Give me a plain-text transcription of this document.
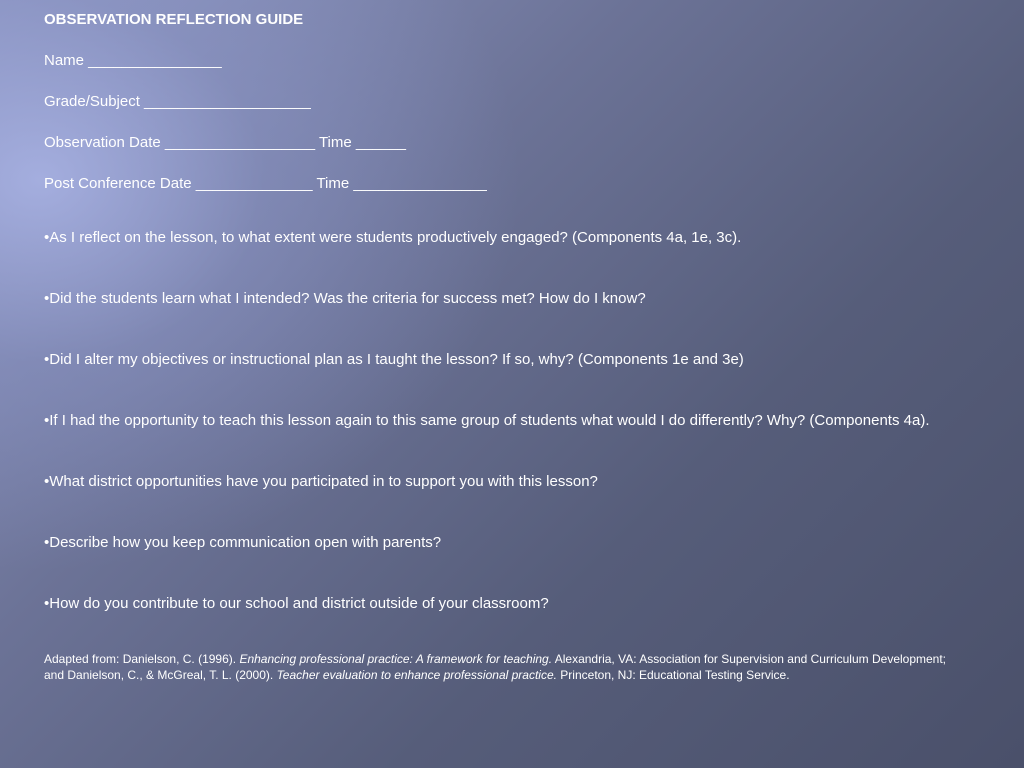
OBSERVATION REFLECTION GUIDE
Name ________________
Grade/Subject ____________________
Observation Date __________________ Time ______
Post Conference Date ______________ Time ________________
•As I reflect on the lesson, to what extent were students productively engaged? (Components 4a, 1e, 3c).
•Did the students learn what I intended? Was the criteria for success met? How do I know?
•Did I alter my objectives or instructional plan as I taught the lesson? If so, why? (Components 1e and 3e)
•If I had the opportunity to teach this lesson again to this same group of students what would I do differently? Why? (Components 4a).
•What district opportunities have you participated in to support you with this lesson?
•Describe how you keep communication open with parents?
•How do you contribute to our school and district outside of your classroom?
Adapted from: Danielson, C. (1996). Enhancing professional practice: A framework for teaching. Alexandria, VA: Association for Supervision and Curriculum Development; and Danielson, C., & McGreal, T. L. (2000). Teacher evaluation to enhance professional practice. Princeton, NJ: Educational Testing Service.
